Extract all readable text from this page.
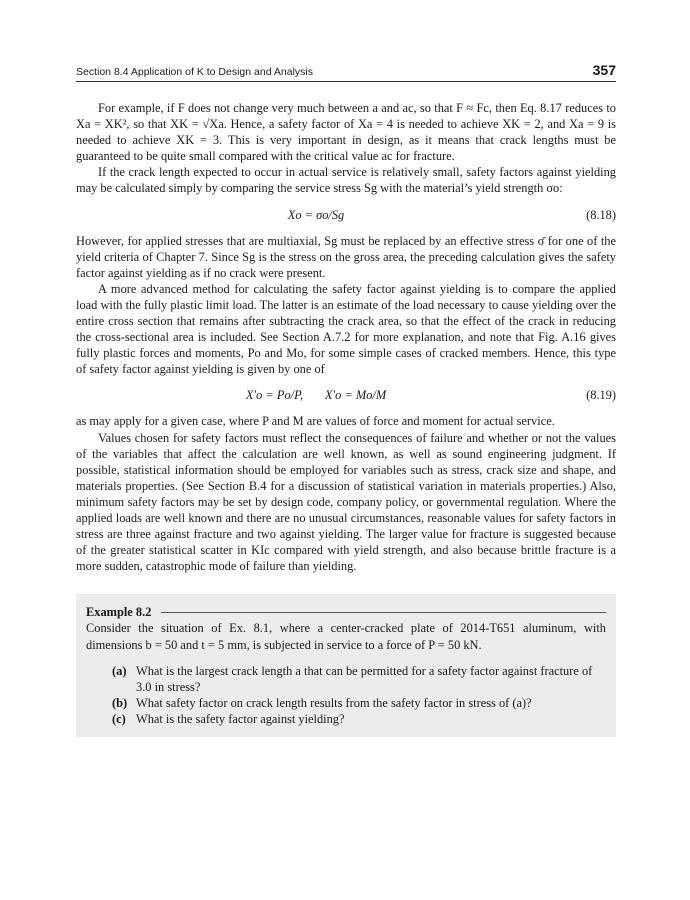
Section 8.4 Application of K to Design and Analysis	357

For example, if F does not change very much between a and ac, so that F ≈ Fc, then Eq. 8.17 reduces to Xa = XK², so that XK = √Xa. Hence, a safety factor of Xa = 4 is needed to achieve XK = 2, and Xa = 9 is needed to achieve XK = 3. This is very important in design, as it means that crack lengths must be guaranteed to be quite small compared with the critical value ac for fracture.

If the crack length expected to occur in actual service is relatively small, safety factors against yielding may be calculated simply by comparing the service stress Sg with the material’s yield strength σo:

Xo = σo/Sg	(8.18)

However, for applied stresses that are multiaxial, Sg must be replaced by an effective stress σ̄ for one of the yield criteria of Chapter 7. Since Sg is the stress on the gross area, the preceding calculation gives the safety factor against yielding as if no crack were present.

A more advanced method for calculating the safety factor against yielding is to compare the applied load with the fully plastic limit load. The latter is an estimate of the load necessary to cause yielding over the entire cross section that remains after subtracting the crack area, so that the effect of the crack in reducing the cross-sectional area is included. See Section A.7.2 for more explanation, and note that Fig. A.16 gives fully plastic forces and moments, Po and Mo, for some simple cases of cracked members. Hence, this type of safety factor against yielding is given by one of

X′o = Po/P, X′o = Mo/M	(8.19)

as may apply for a given case, where P and M are values of force and moment for actual service.

Values chosen for safety factors must reflect the consequences of failure and whether or not the values of the variables that affect the calculation are well known, as well as sound engineering judgment. If possible, statistical information should be employed for variables such as stress, crack size and shape, and materials properties. (See Section B.4 for a discussion of statistical variation in materials properties.) Also, minimum safety factors may be set by design code, company policy, or governmental regulation. Where the applied loads are well known and there are no unusual circumstances, reasonable values for safety factors in stress are three against fracture and two against yielding. The larger value for fracture is suggested because of the greater statistical scatter in KIc compared with yield strength, and also because brittle fracture is a more sudden, catastrophic mode of failure than yielding.

Example 8.2
Consider the situation of Ex. 8.1, where a center-cracked plate of 2014-T651 aluminum, with dimensions b = 50 and t = 5 mm, is subjected in service to a force of P = 50 kN.
(a) What is the largest crack length a that can be permitted for a safety factor against fracture of 3.0 in stress?
(b) What safety factor on crack length results from the safety factor in stress of (a)?
(c) What is the safety factor against yielding?
